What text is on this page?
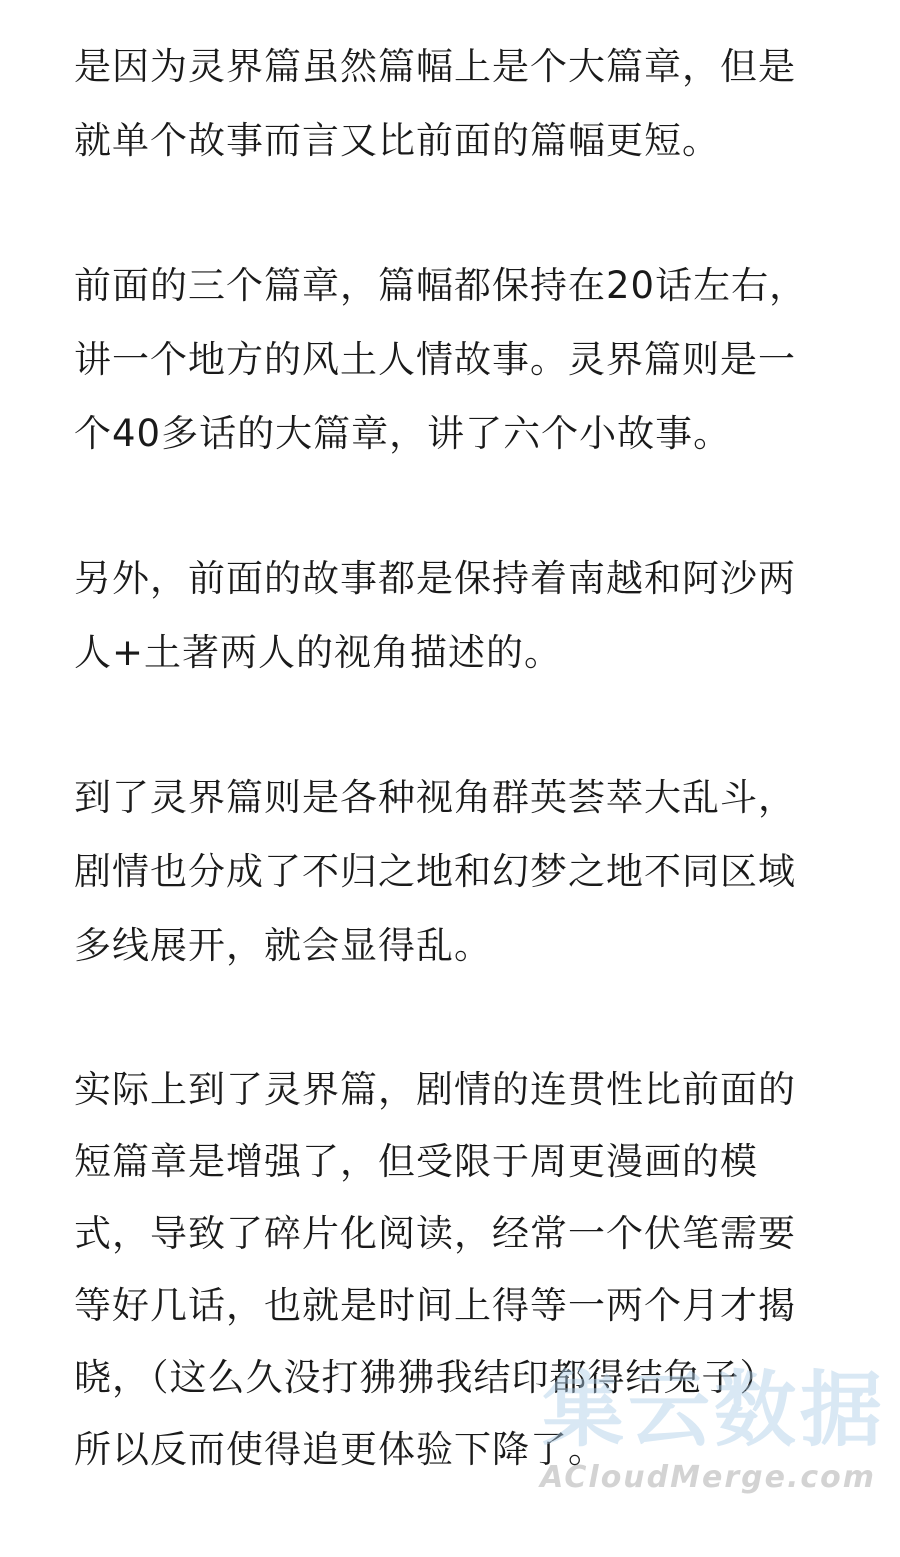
是因为灵界篇虽然篇幅上是个大篇章，但是
就单个故事而言又比前面的篇幅更短。

前面的三个篇章，篇幅都保持在20话左右，
讲一个地方的风土人情故事。灵界篇则是一
个40多话的大篇章，讲了六个小故事。

另外，前面的故事都是保持着南越和阿沙两
人+土著两人的视角描述的。

到了灵界篇则是各种视角群英荟萃大乱斗，
剧情也分成了不归之地和幻梦之地不同区域
多线展开，就会显得乱。

实际上到了灵界篇，剧情的连贯性比前面的
短篇章是增强了，但受限于周更漫画的模
式，导致了碎片化阅读，经常一个伏笔需要
等好几话，也就是时间上得等一两个月才揭
晓，（这么久没打狒狒我结印都得结兔子）
所以反而使得追更体验下降了。

集云数据
ACloudMerge.com
